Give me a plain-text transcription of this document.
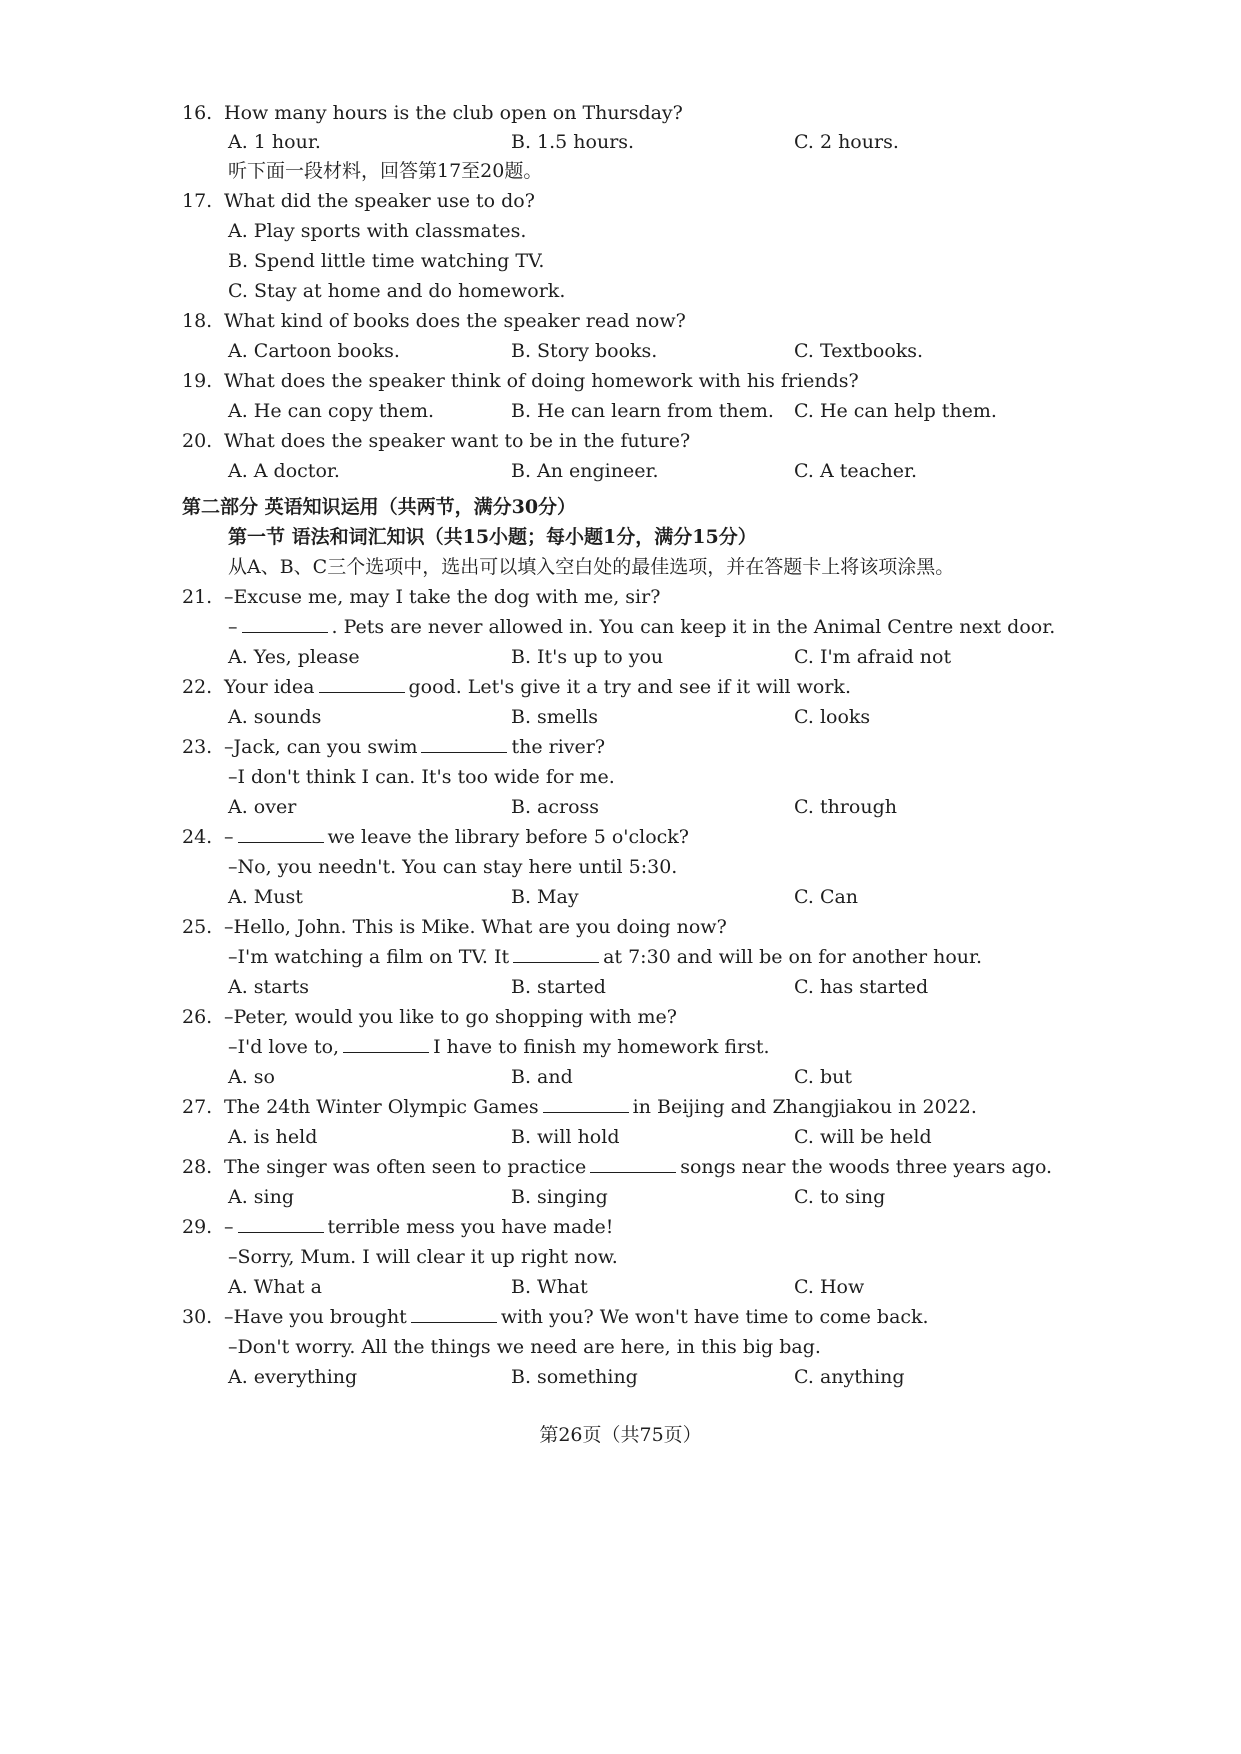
16. How many hours is the club open on Thursday?
A. 1 hour.	B. 1.5 hours.	C. 2 hours.
听下面一段材料，回答第17至20题。
17. What did the speaker use to do?
A. Play sports with classmates.
B. Spend little time watching TV.
C. Stay at home and do homework.
18. What kind of books does the speaker read now?
A. Cartoon books.	B. Story books.	C. Textbooks.
19. What does the speaker think of doing homework with his friends?
A. He can copy them.	B. He can learn from them. C. He can help them.
20. What does the speaker want to be in the future?
A. A doctor.	B. An engineer.	C. A teacher.
第二部分 英语知识运用（共两节，满分30分）
第一节 语法和词汇知识（共15小题；每小题1分，满分15分）
从A、B、C三个选项中，选出可以填入空白处的最佳选项，并在答题卡上将该项涂黑。
21. –Excuse me, may I take the dog with me, sir?
–	. Pets are never allowed in. You can keep it in the Animal Centre next door.
A. Yes, please	B. It's up to you	C. I'm afraid not
22. Your idea	good. Let's give it a try and see if it will work.
A. sounds	B. smells	C. looks
23. –Jack, can you swim	the river?
–I don't think I can. It's too wide for me.
A. over	B. across	C. through
24. –	we leave the library before 5 o'clock?
–No, you needn't. You can stay here until 5:30.
A. Must	B. May	C. Can
25. –Hello, John. This is Mike. What are you doing now?
–I'm watching a film on TV. It	at 7:30 and will be on for another hour.
A. starts	B. started	C. has started
26. –Peter, would you like to go shopping with me?
–I'd love to,	I have to finish my homework first.
A. so	B. and	C. but
27. The 24th Winter Olympic Games	in Beijing and Zhangjiakou in 2022.
A. is held	B. will hold	C. will be held
28. The singer was often seen to practice	songs near the woods three years ago.
A. sing	B. singing	C. to sing
29. –	terrible mess you have made!
–Sorry, Mum. I will clear it up right now.
A. What a	B. What	C. How
30. –Have you brought	with you? We won't have time to come back.
–Don't worry. All the things we need are here, in this big bag.
A. everything	B. something	C. anything
第26页（共75页）
